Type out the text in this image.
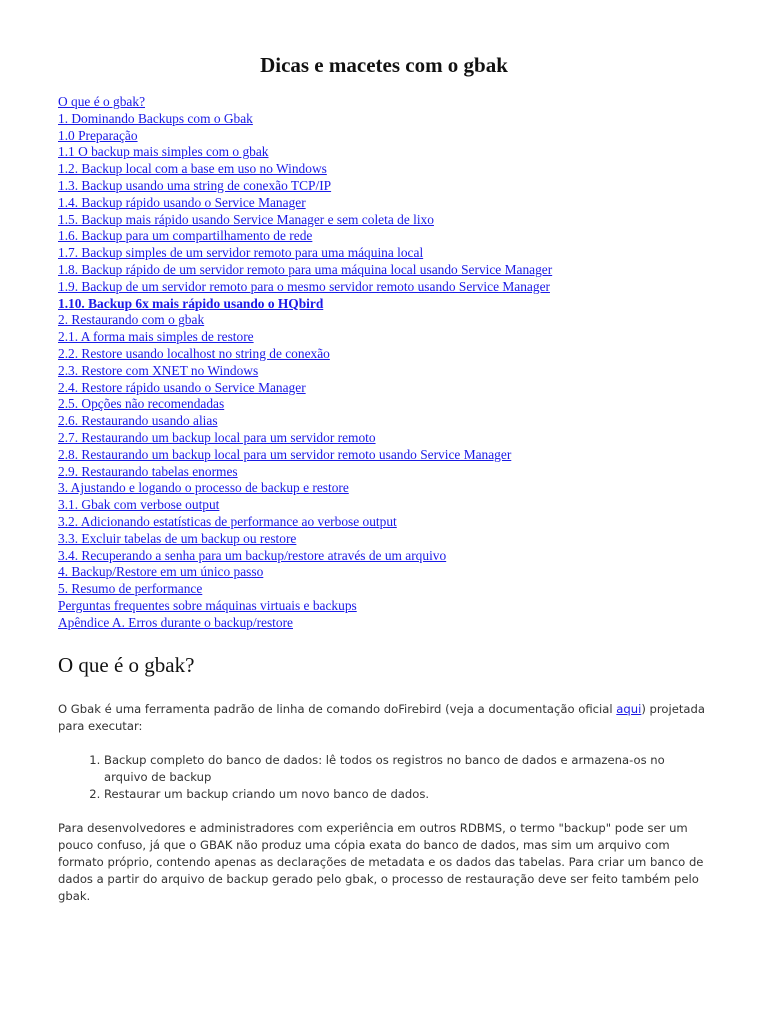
Dicas e macetes com o gbak
O que é o gbak?
1. Dominando Backups com o Gbak
1.0 Preparação
1.1 O backup mais simples com o gbak
1.2. Backup local com a base em uso no Windows
1.3. Backup usando uma string de conexão TCP/IP
1.4. Backup rápido usando o Service Manager
1.5. Backup mais rápido usando Service Manager e sem coleta de lixo
1.6. Backup para um compartilhamento de rede
1.7. Backup simples de um servidor remoto para uma máquina local
1.8. Backup rápido de um servidor remoto para uma máquina local usando Service Manager
1.9. Backup de um servidor remoto para o mesmo servidor remoto usando Service Manager
1.10. Backup 6x mais rápido usando o HQbird
2. Restaurando com o gbak
2.1. A forma mais simples de restore
2.2. Restore usando localhost no string de conexão
2.3. Restore com XNET no Windows
2.4. Restore rápido usando o Service Manager
2.5. Opções não recomendadas
2.6. Restaurando usando alias
2.7. Restaurando um backup local para um servidor remoto
2.8. Restaurando um backup local para um servidor remoto usando Service Manager
2.9. Restaurando tabelas enormes
3. Ajustando e logando o processo de backup e restore
3.1. Gbak com verbose output
3.2. Adicionando estatísticas de performance ao verbose output
3.3. Excluir tabelas de um backup ou restore
3.4. Recuperando a senha para um backup/restore através de um arquivo
4. Backup/Restore em um único passo
5. Resumo de performance
Perguntas frequentes sobre máquinas virtuais e backups
Apêndice A. Erros durante o backup/restore
O que é o gbak?

O Gbak é uma ferramenta padrão de linha de comando doFirebird (veja a documentação oficial aqui) projetada para executar:

1. Backup completo do banco de dados: lê todos os registros no banco de dados e armazena-os no arquivo de backup
2. Restaurar um backup criando um novo banco de dados.

Para desenvolvedores e administradores com experiência em outros RDBMS, o termo "backup" pode ser um pouco confuso, já que o GBAK não produz uma cópia exata do banco de dados, mas sim um arquivo com formato próprio, contendo apenas as declarações de metadata e os dados das tabelas. Para criar um banco de dados a partir do arquivo de backup gerado pelo gbak, o processo de restauração deve ser feito também pelo gbak.
